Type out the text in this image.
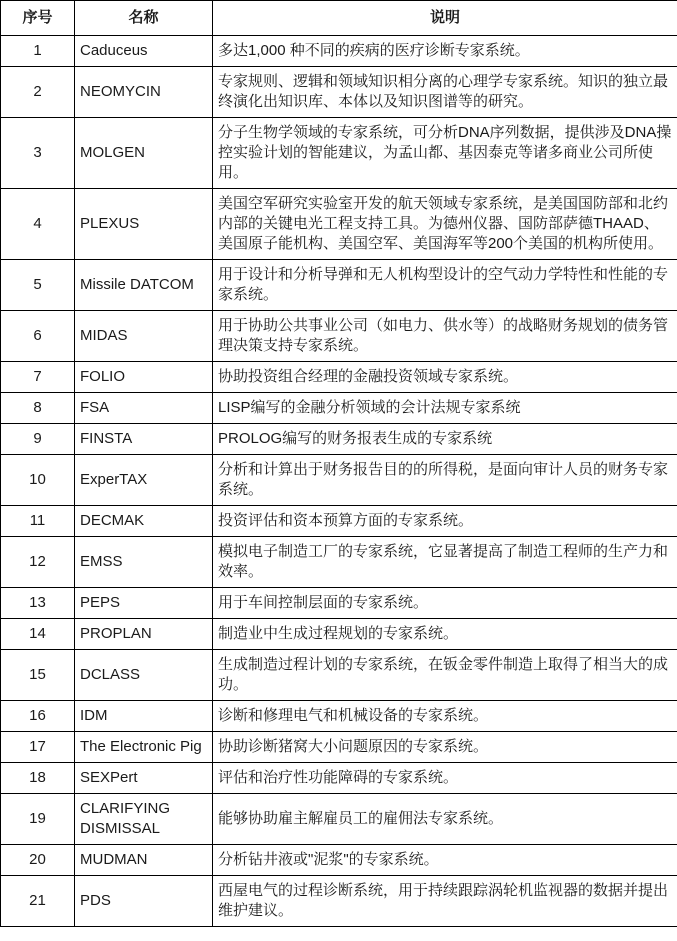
序号	名称	说明
1	Caduceus	多达1,000 种不同的疾病的医疗诊断专家系统。
2	NEOMYCIN	专家规则、逻辑和领域知识相分离的心理学专家系统。知识的独立最终演化出知识库、本体以及知识图谱等的研究。
3	MOLGEN	分子生物学领域的专家系统，可分析DNA序列数据，提供涉及DNA操控实验计划的智能建议，为孟山都、基因泰克等诸多商业公司所使用。
4	PLEXUS	美国空军研究实验室开发的航天领域专家系统，是美国国防部和北约内部的关键电光工程支持工具。为德州仪器、国防部萨德THAAD、美国原子能机构、美国空军、美国海军等200个美国的机构所使用。
5	Missile DATCOM	用于设计和分析导弹和无人机构型设计的空气动力学特性和性能的专家系统。
6	MIDAS	用于协助公共事业公司（如电力、供水等）的战略财务规划的债务管理决策支持专家系统。
7	FOLIO	协助投资组合经理的金融投资领域专家系统。
8	FSA	LISP编写的金融分析领域的会计法规专家系统
9	FINSTA	PROLOG编写的财务报表生成的专家系统
10	ExperTAX	分析和计算出于财务报告目的的所得税，是面向审计人员的财务专家系统。
11	DECMAK	投资评估和资本预算方面的专家系统。
12	EMSS	模拟电子制造工厂的专家系统，它显著提高了制造工程师的生产力和效率。
13	PEPS	用于车间控制层面的专家系统。
14	PROPLAN	制造业中生成过程规划的专家系统。
15	DCLASS	生成制造过程计划的专家系统，在钣金零件制造上取得了相当大的成功。
16	IDM	诊断和修理电气和机械设备的专家系统。
17	The Electronic Pig	协助诊断猪窝大小问题原因的专家系统。
18	SEXPert	评估和治疗性功能障碍的专家系统。
19	CLARIFYING DISMISSAL	能够协助雇主解雇员工的雇佣法专家系统。
20	MUDMAN	分析钻井液或"泥浆"的专家系统。
21	PDS	西屋电气的过程诊断系统，用于持续跟踪涡轮机监视器的数据并提出维护建议。
